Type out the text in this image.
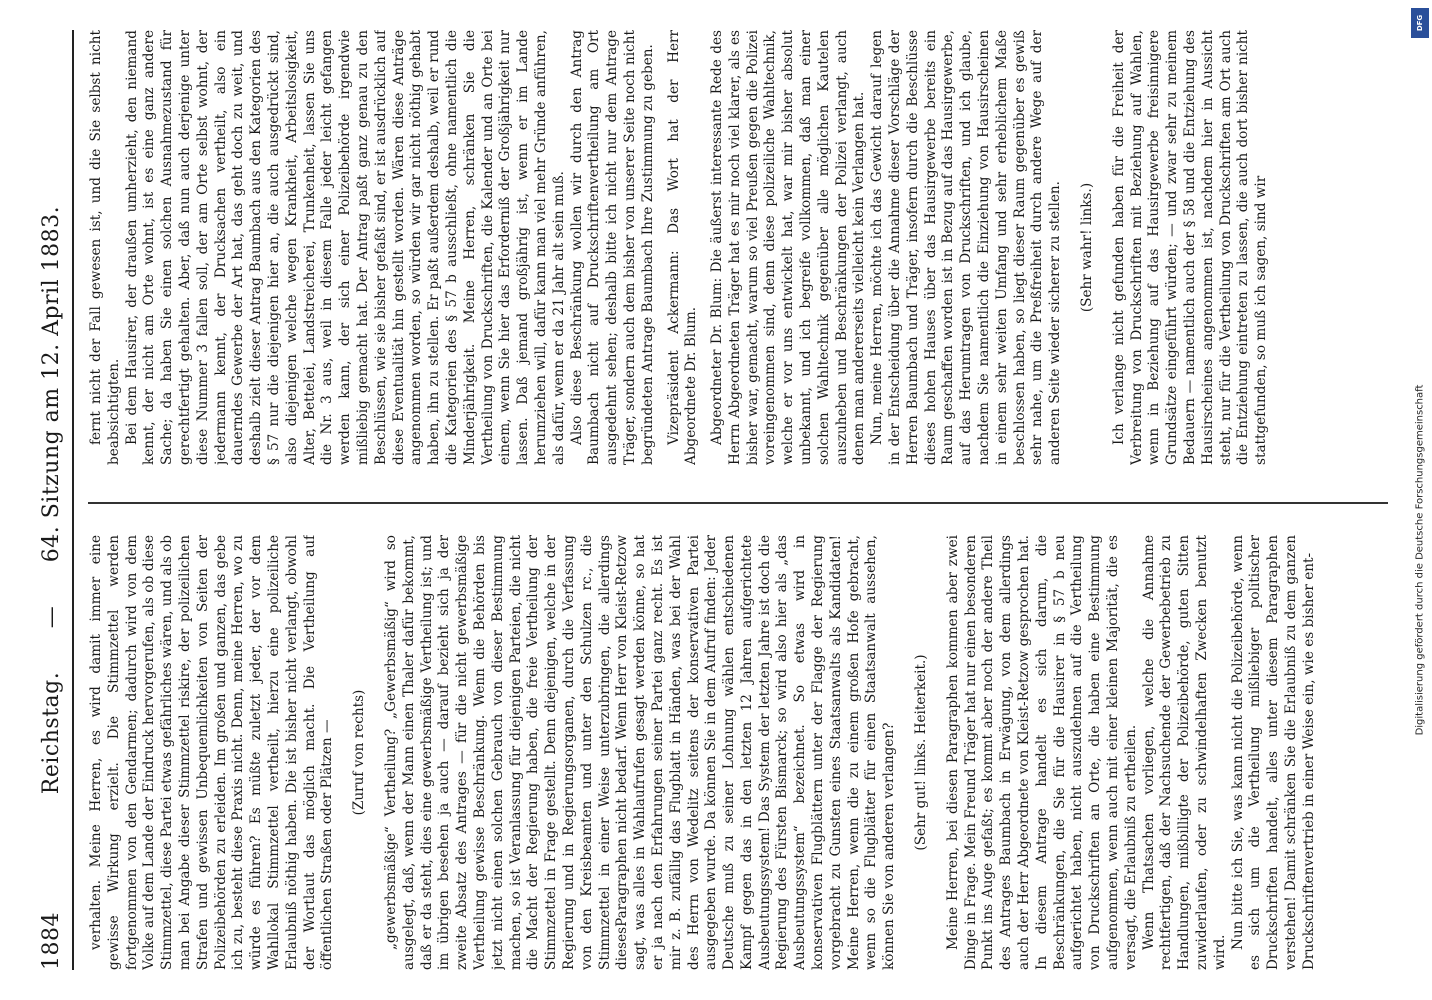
1884
Reichstag. — 64. Sitzung am 12. April 1883.

verhalten. Meine Herren, es wird damit immer eine gewisse Wirkung erzielt. Die Stimmzettel werden fortgenommen von den Gendarmen; dadurch wird von dem Volke auf dem Lande der Eindruck hervorgerufen, als ob diese Stimmzettel, diese Partei etwas gefährliches wären, und als ob man bei Angabe dieser Stimmzettel riskire, der polizeilichen Strafen und gewissen Unbequemlichkeiten von Seiten der Polizeibehörden zu erleiden. Im großen und ganzen, das gebe ich zu, besteht diese Praxis nicht. Denn, meine Herren, wo zu würde es führen? Es müßte zuletzt jeder, der vor dem Wahllokal Stimmzettel vertheilt, hierzu eine polizeiliche Erlaubniß nöthig haben. Die ist bisher nicht verlangt, obwohl der Wortlaut das möglich macht. Die Vertheilung auf öffentlichen Straßen oder Plätzen — (Zuruf von rechts) „gewerbsmäßige“ Vertheilung? „Gewerbsmäßig“ wird so ausgelegt, daß, wenn der Mann einen Thaler dafür bekommt, daß er da steht, dies eine gewerbsmäßige Vertheilung ist; und im übrigen besehen ja auch — darauf bezieht sich ja der zweite Absatz des Antrages — für die nicht gewerbsmäßige Vertheilung gewisse Beschränkung. Wenn die Behörden bis jetzt nicht einen solchen Gebrauch von dieser Bestimmung machen, so ist Veranlassung für diejenigen Parteien, die nicht die Macht der Regierung haben, die freie Vertheilung der Stimmzettel in Frage gestellt. Denn diejenigen, welche in der Regierung und in Regierungsorganen, durch die Verfassung von den Kreisbeamten und unter den Schulzen rc., die Stimmzettel in einer Weise unterzubringen, die allerdings diesesParagraphen nicht bedarf. Wenn Herr von Kleist-Retzow sagt, was alles in Wahlaufrufen gesagt werden könne, so hat er ja nach den Erfahrungen seiner Partei ganz recht. Es ist mir z. B. zufällig das Flugblatt in Händen, was bei der Wahl des Herrn von Wedelitz seitens der konservativen Partei ausgegeben wurde. Da können Sie in dem Aufruf finden: Jeder Deutsche muß zu seiner Lohnung wählen entschiedenen Kampf gegen das in den letzten 12 Jahren aufgerichtete Ausbeutungssystem! Das System der letzten Jahre ist doch die Regierung des Fürsten Bismarck; so wird also hier als „das Ausbeutungssystem“ bezeichnet. So etwas wird in konservativen Flugblättern unter der Flagge der Regierung vorgebracht zu Gunsten eines Staatsanwalts als Kandidaten! Meine Herren, wenn die zu einem großen Hofe gebracht, wenn so die Flugblätter für einen Staatsanwalt aussehen, können Sie von anderen verlangen? (Sehr gut! links. Heiterkeit.) Meine Herren, bei diesen Paragraphen kommen aber zwei Dinge in Frage. Mein Freund Träger hat nur einen besonderen Punkt ins Auge gefaßt; es kommt aber noch der andere Theil des Antrages Baumbach in Erwägung, von dem allerdings auch der Herr Abgeordnete von Kleist-Retzow gesprochen hat. In diesem Antrage handelt es sich darum, die Beschränkungen, die Sie für die Hausirer in § 57 b neu aufgerichtet haben, nicht auszudehnen auf die Vertheilung von Druckschriften an Orte, die haben eine Bestimmung aufgenommen, wenn auch mit einer kleinen Majorität, die es versagt, die Erlaubniß zu ertheilen. Wenn Thatsachen vorliegen, welche die Annahme rechtfertigen, daß der Nachsuchende der Gewerbebetrieb zu Handlungen, mißbilligte der Polizeibehörde, guten Sitten zuwiderlaufen, oder zu schwindelhaften Zwecken benutzt wird.

Nun bitte ich Sie, was kann nicht die Polizeibehörde, wenn es sich um die Vertheilung mißliebiger politischer Druckschriften handelt, alles unter diesem Paragraphen verstehen! Damit schränken Sie die Erlaubniß zu dem ganzen Druckschriftenvertrieb in einer Weise ein, wie es bisher ent-

fernt nicht der Fall gewesen ist, und die Sie selbst nicht beabsichtigten. Bei dem Hausirer, der draußen umherzieht, den niemand kennt, der nicht am Orte wohnt, ist es eine ganz andere Sache; da haben Sie einen solchen Ausnahmezustand für gerechtfertigt gehalten. Aber, daß nun auch derjenige unter diese Nummer 3 fallen soll, der am Orte selbst wohnt, der jedermann kennt, der Drucksachen vertheilt, also ein dauerndes Gewerbe der Art hat, das geht doch zu weit, und deshalb zielt dieser Antrag Baumbach aus den Kategorien des § 57 nur die diejenigen hier an, die auch ausgedrückt sind, also diejenigen welche wegen Krankheit, Arbeitslosigkeit, Alter, Bettelei, Landstreicherei, Trunkenheit, lassen Sie uns die Nr. 3 aus, weil in diesem Falle jeder leicht gefangen werden kann, der sich einer Polizeibehörde irgendwie mißliebig gemacht hat. Der Antrag paßt ganz genau zu den Beschlüssen, wie sie bisher gefaßt sind, er ist ausdrücklich auf diese Eventualität hin gestellt worden. Wären diese Anträge angenommen worden, so würden wir gar nicht nöthig gehabt haben, ihn zu stellen. Er paßt außerdem deshalb, weil er rund die Kategorien des § 57 b ausschließt, ohne namentlich die Minderjährigkeit. Meine Herren, schränken Sie die Vertheilung von Druckschriften, die Kalender und an Orte bei einem, wenn Sie hier das Erforderniß der Großjährigkeit nur lassen. Daß jemand großjährig ist, wenn er im Lande herumziehen will, dafür kann man viel mehr Gründe anführen, als dafür, wenn er da 21 Jahr alt sein muß. Also diese Beschränkung wollen wir durch den Antrag Baumbach nicht auf Druckschriftenvertheilung am Ort ausgedehnt sehen; deshalb bitte ich nicht nur dem Antrage Träger, sondern auch dem bisher von unserer Seite noch nicht begründeten Antrage Baumbach Ihre Zustimmung zu geben. Vizepräsident Ackermann: Das Wort hat der Herr Abgeordnete Dr. Blum. Abgeordneter Dr. Blum: Die äußerst interessante Rede des Herrn Abgeordneten Träger hat es mir noch viel klarer, als es bisher war, gemacht, warum so viel Preußen gegen die Polizei voreingenommen sind, denn diese polizeiliche Wahltechnik, welche er vor uns entwickelt hat, war mir bisher absolut unbekannt, und ich begreife vollkommen, daß man einer solchen Wahltechnik gegenüber alle möglichen Kautelen auszuheben und Beschränkungen der Polizei verlangt, auch denen man andererseits vielleicht kein Verlangen hat. Nun, meine Herren, möchte ich das Gewicht darauf legen in der Entscheidung über die Annahme dieser Vorschläge der Herren Baumbach und Träger, insofern durch die Beschlüsse dieses hohen Hauses über das Hausirgewerbe bereits ein Raum geschaffen worden ist in Bezug auf das Hausirgewerbe, auf das Herumtragen von Druckschriften, und ich glaube, nachdem Sie namentlich die Einziehung von Hausirscheinen in einem sehr weiten Umfang und sehr erheblichem Maße beschlossen haben, so liegt dieser Raum gegenüber es gewiß sehr nahe, um die Preßfreiheit durch andere Wege auf der anderen Seite wieder sicherer zu stellen. (Sehr wahr! links.) Ich verlange nicht gefunden haben für die Freiheit der Verbreitung von Druckschriften mit Beziehung auf Wahlen, wenn in Beziehung auf das Hausirgewerbe freisinnigere Grundsätze eingeführt würden; — und zwar sehr zu meinem Bedauern — namentlich auch der § 58 und die Entziehung des Hausirscheines angenommen ist, nachdem hier in Aussicht steht, nur für die Vertheilung von Druckschriften am Ort auch die Entziehung eintreten zu lassen, die auch dort bisher nicht stattgefunden, so muß ich sagen, sind wir

DFG
Digitalisierung gefördert durch die Deutsche Forschungsgemeinschaft
